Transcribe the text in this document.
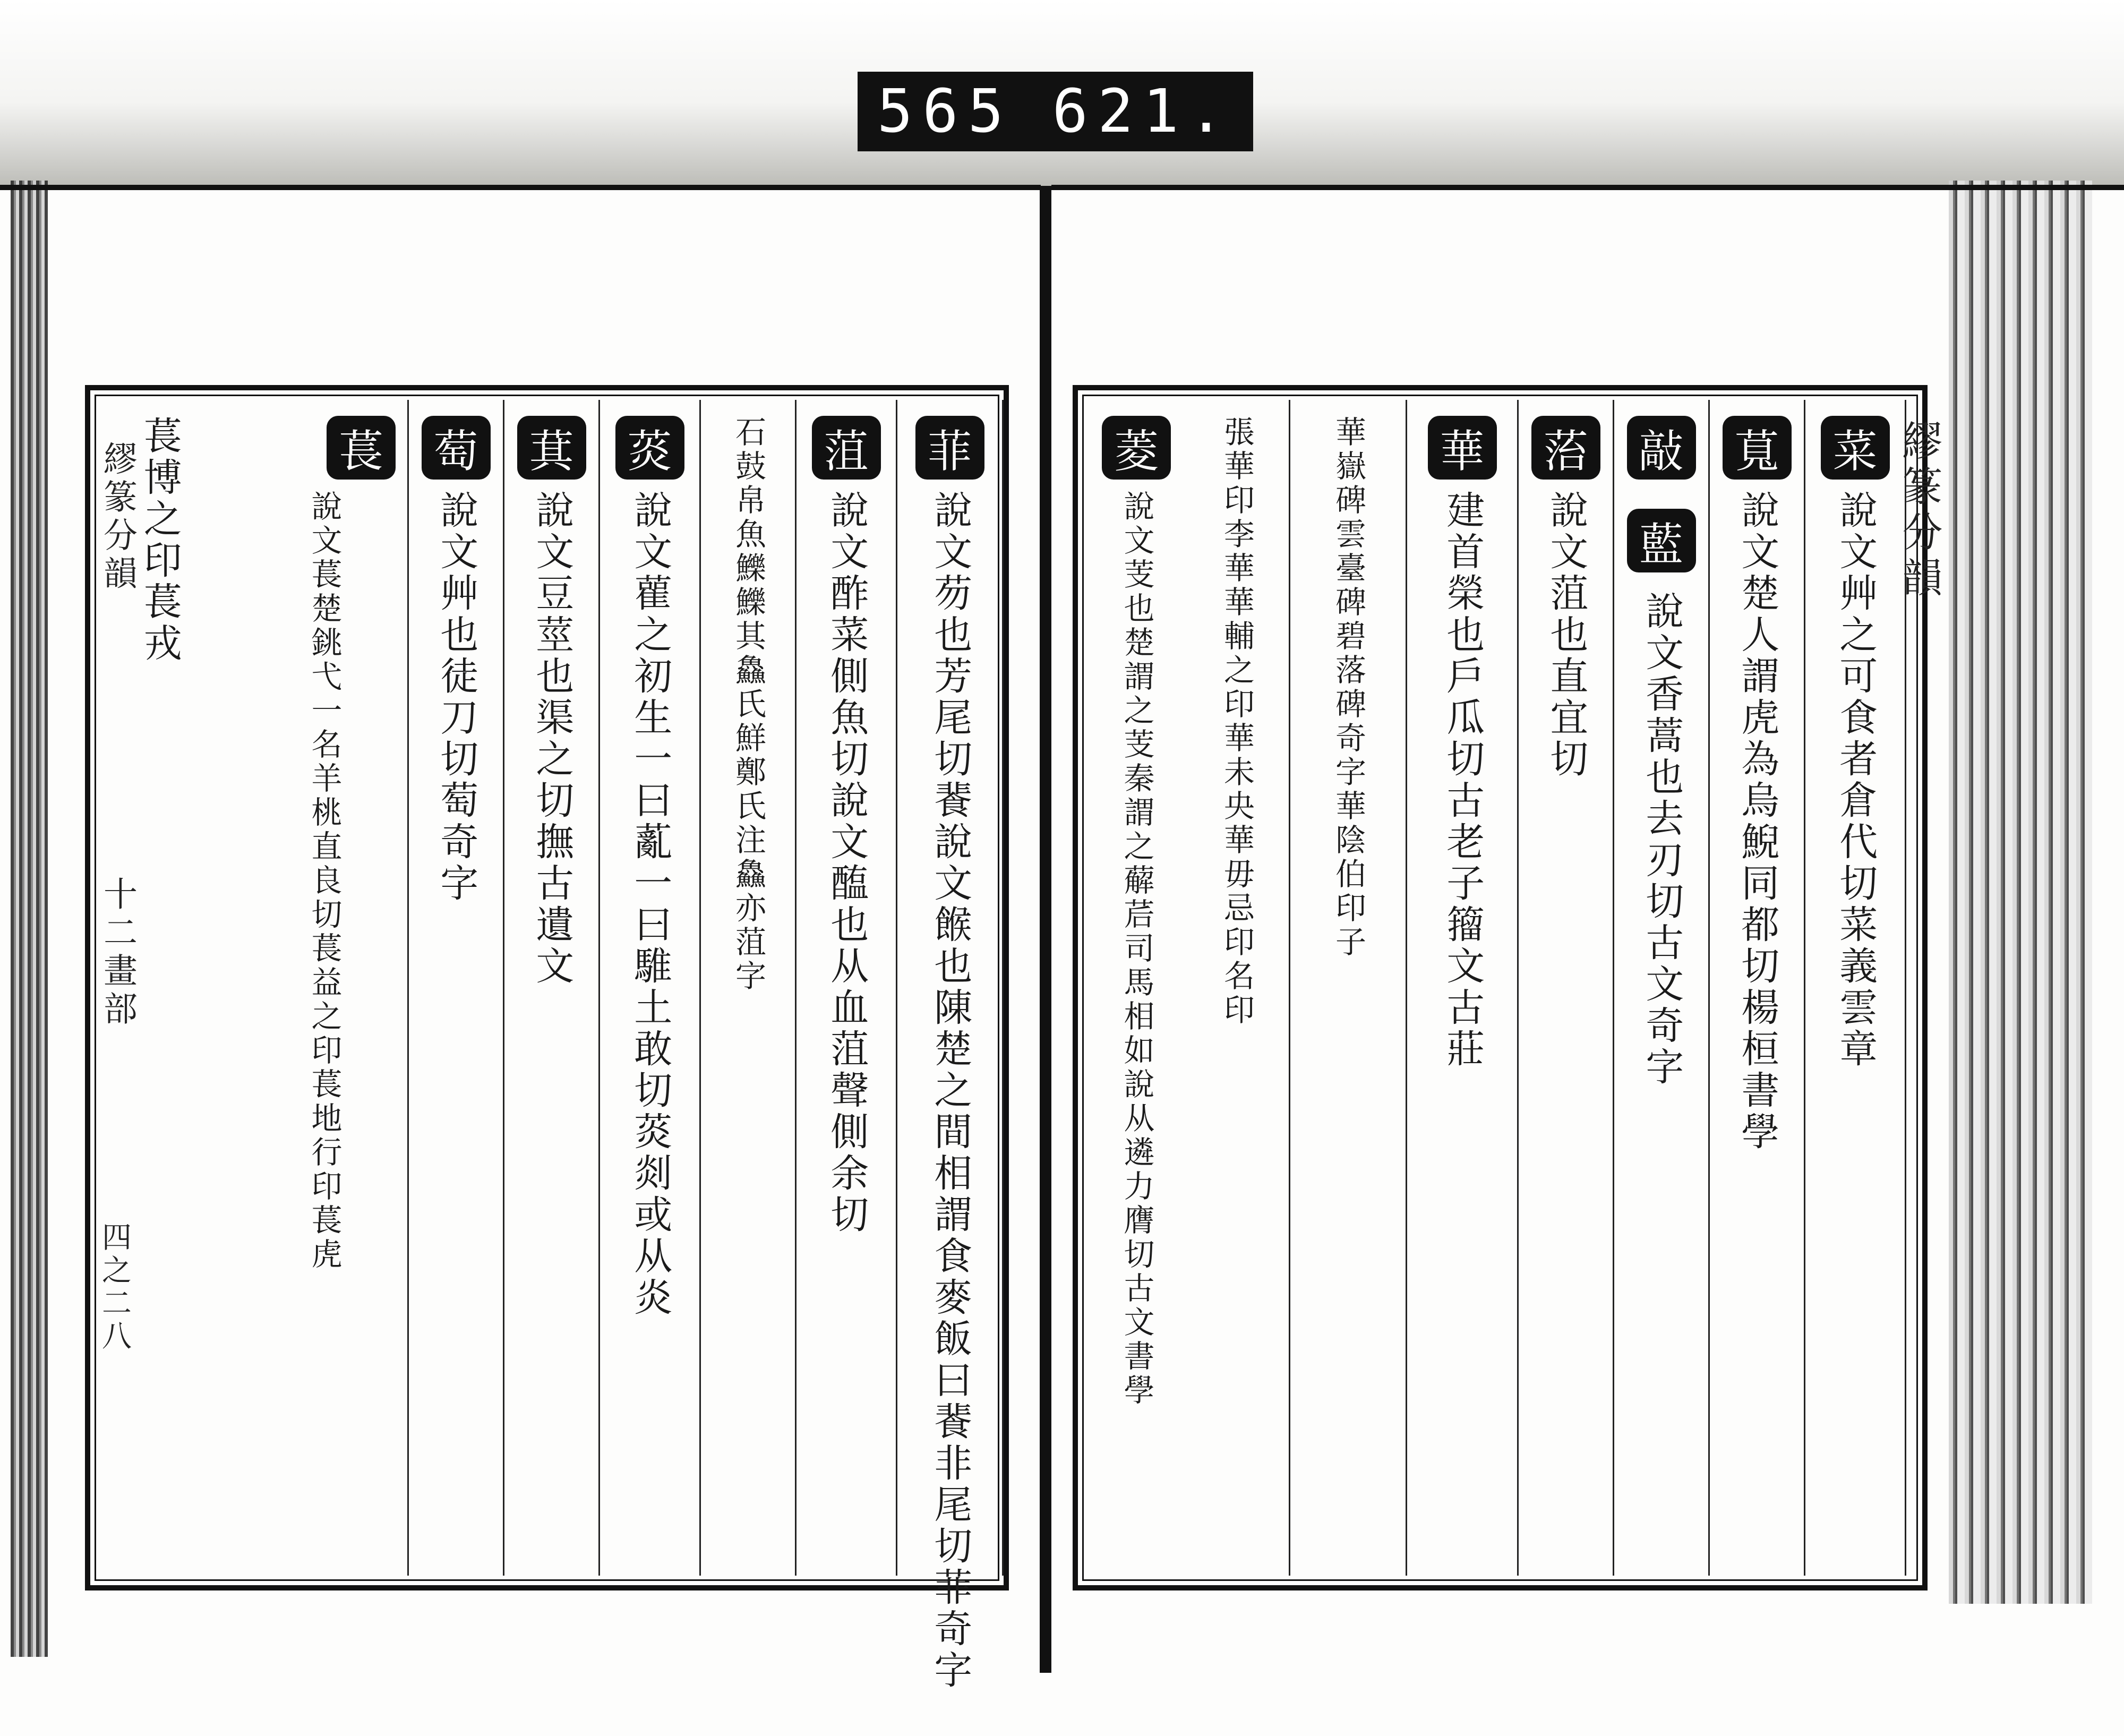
565 621.
繆篆分韻
十二畫部
四之二八
菲
說文芴也芳尾切餥說文餱也陳楚之間相謂食麥飯曰餥非尾切菲奇字
菹
說文酢菜側魚切說文醢也从血菹聲側余切
石鼓帛魚鱳鱳其鱻氏鮮鄭氏注鱻亦菹字
菼
說文雚之初生一曰薍一曰騅土敢切菼剡或从炎
萁
說文豆莖也渠之切撫古遺文
萄
說文艸也徒刀切萄奇字
萇
說文萇楚銚弋一名羊桃直良切萇益之印萇地行印萇虎
萇博之印萇戎	菜
說文艸之可食者倉代切菜義雲章
萈
說文楚人謂虎為烏鯢同都切楊桓書學
敲
藍
說文香蒿也去刃切古文奇字
菭
說文菹也直宜切
華
建首榮也戶瓜切古老子籀文古莊
華嶽碑雲臺碑碧落碑奇字華陰伯印子
張華印李華華輔之印華未央華毋忌印名印
菱
說文芰也楚謂之芰秦謂之薢茩司馬相如說从遴力膺切古文書學	繆篆分韻
